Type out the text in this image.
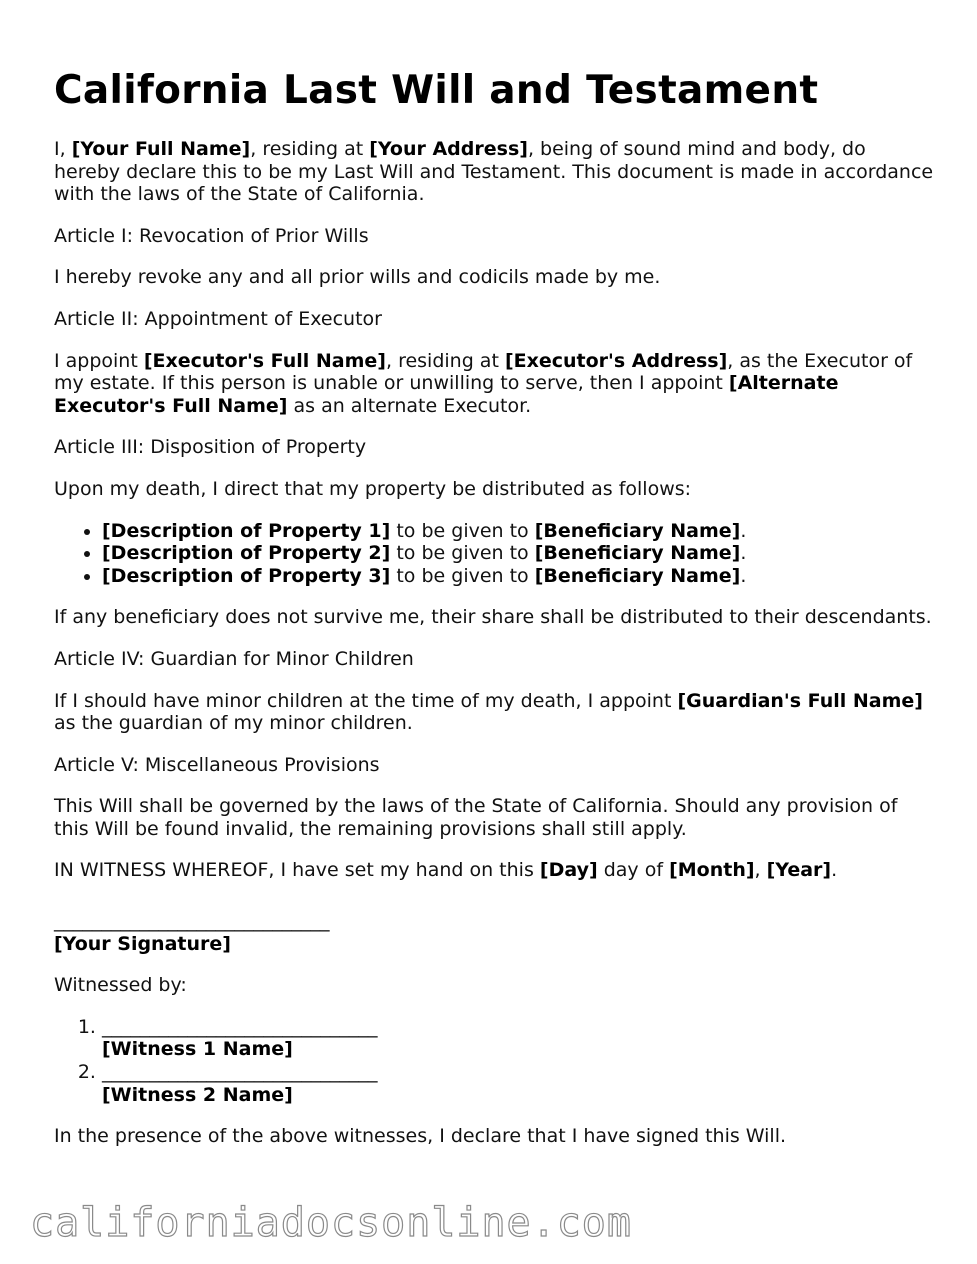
California Last Will and Testament

I, [Your Full Name], residing at [Your Address], being of sound mind and body, do hereby declare this to be my Last Will and Testament. This document is made in accordance with the laws of the State of California.

Article I: Revocation of Prior Wills

I hereby revoke any and all prior wills and codicils made by me.

Article II: Appointment of Executor

I appoint [Executor's Full Name], residing at [Executor's Address], as the Executor of my estate. If this person is unable or unwilling to serve, then I appoint [Alternate Executor's Full Name] as an alternate Executor.

Article III: Disposition of Property

Upon my death, I direct that my property be distributed as follows:

• [Description of Property 1] to be given to [Beneficiary Name].
• [Description of Property 2] to be given to [Beneficiary Name].
• [Description of Property 3] to be given to [Beneficiary Name].

If any beneficiary does not survive me, their share shall be distributed to their descendants.

Article IV: Guardian for Minor Children

If I should have minor children at the time of my death, I appoint [Guardian's Full Name] as the guardian of my minor children.

Article V: Miscellaneous Provisions

This Will shall be governed by the laws of the State of California. Should any provision of this Will be found invalid, the remaining provisions shall still apply.

IN WITNESS WHEREOF, I have set my hand on this [Day] day of [Month], [Year].

_____________________________
[Your Signature]

Witnessed by:

1. _____________________________
[Witness 1 Name]
2. _____________________________
[Witness 2 Name]

In the presence of the above witnesses, I declare that I have signed this Will.

californiadocsonline.com
